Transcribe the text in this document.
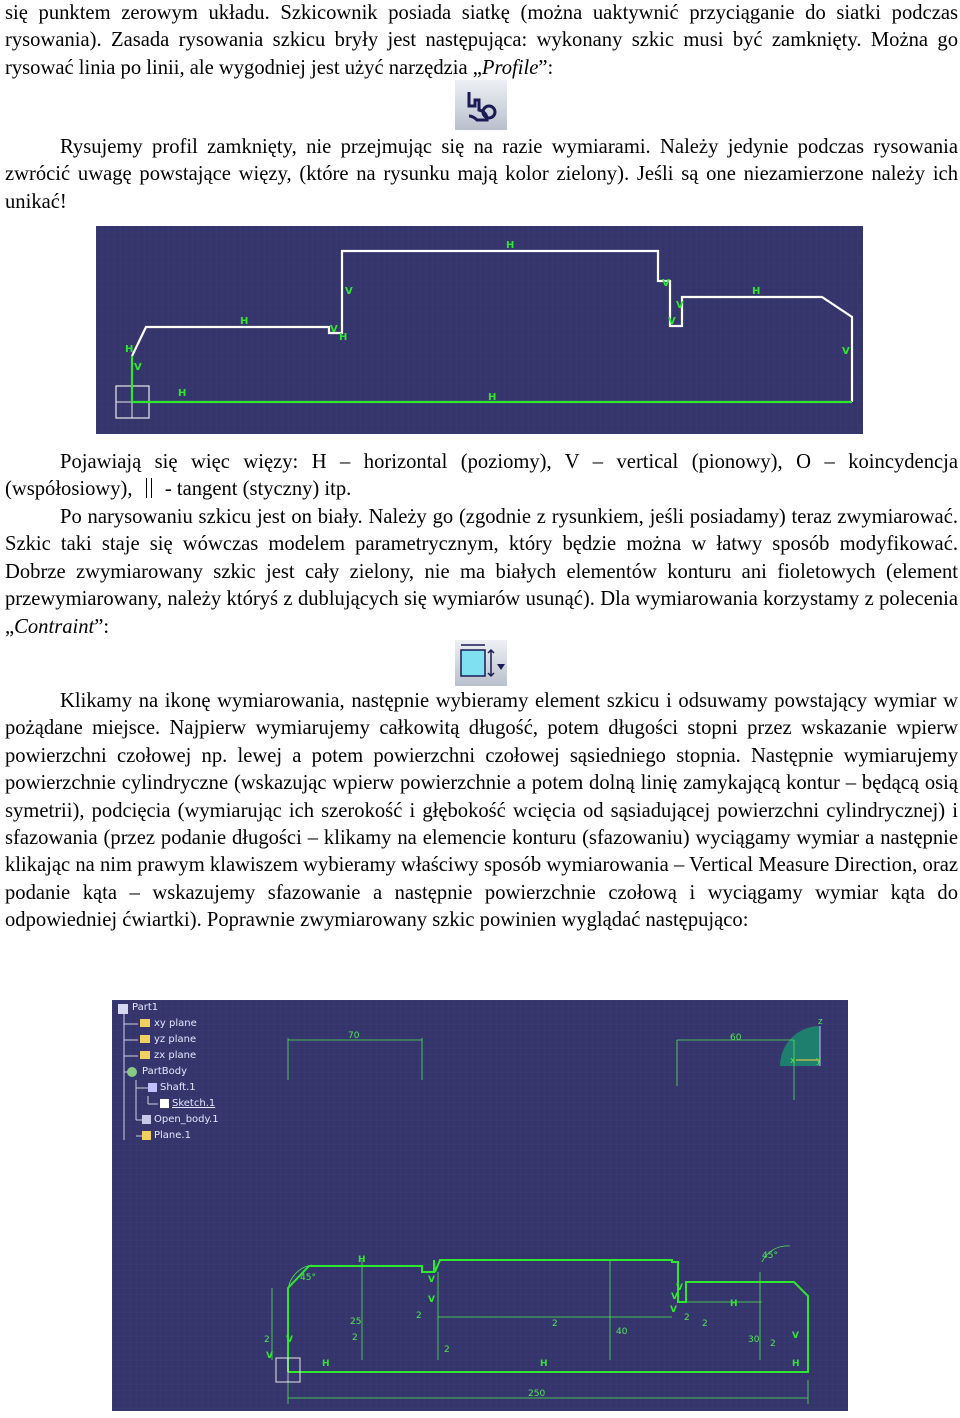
się punktem zerowym układu. Szkicownik posiada siatkę (można uaktywnić przyciąganie do siatki podczas rysowania). Zasada rysowania szkicu bryły jest następująca: wykonany szkic musi być zamknięty. Można go rysować linia po linii, ale wygodniej jest użyć narzędzia „Profile”:

Rysujemy profil zamknięty, nie przejmując się na razie wymiarami. Należy jedynie podczas rysowania zwrócić uwagę powstające więzy, (które na rysunku mają kolor zielony). Jeśli są one niezamierzone należy ich unikać!

H
V
H
V
H
V
V
V
H
H
V
H
H
V

Pojawiają się więc więzy: H – horizontal (poziomy), V – vertical (pionowy), O – koincydencja (współosiowy),
- tangent (styczny) itp.

Po narysowaniu szkicu jest on biały. Należy go (zgodnie z rysunkiem, jeśli posiadamy) teraz zwymiarować. Szkic taki staje się wówczas modelem parametrycznym, który będzie można w łatwy sposób modyfikować. Dobrze zwymiarowany szkic jest cały zielony, nie ma białych elementów konturu ani fioletowych (element przewymiarowany, należy któryś z dublujących się wymiarów usunąć). Dla wymiarowania korzystamy z polecenia „Contraint”:

Klikamy na ikonę wymiarowania, następnie wybieramy element szkicu i odsuwamy powstający wymiar w pożądane miejsce. Najpierw wymiarujemy całkowitą długość, potem długości stopni przez wskazanie wpierw powierzchni czołowej np. lewej a potem powierzchni czołowej sąsiedniego stopnia. Następnie wymiarujemy powierzchnie cylindryczne (wskazując wpierw powierzchnie a potem dolną linię zamykającą kontur – będącą osią symetrii), podcięcia (wymiarując ich szerokość i głębokość wcięcia od sąsiadującej powierzchni cylindrycznej) i sfazowania (przez podanie długości – klikamy na elemencie konturu (sfazowaniu) wyciągamy wymiar a następnie klikając na nim prawym klawiszem wybieramy właściwy sposób wymiarowania – Vertical Measure Direction, oraz podanie kąta – wskazujemy sfazowanie a następnie powierzchnie czołową i wyciągamy wymiar kąta do odpowiedniej ćwiartki). Poprawnie zwymiarowany szkic powinien wyglądać następująco:

z
x y
70	60
45°
45°
2	2
2
2	2
2
40
30
25
250
2	2
H
V
V
H
V	V
H
H
V
H
V
V
V
Part1
xy plane
yz plane
zx plane
PartBody
Shaft.1
Sketch.1
Open_body.1
Plane.1
